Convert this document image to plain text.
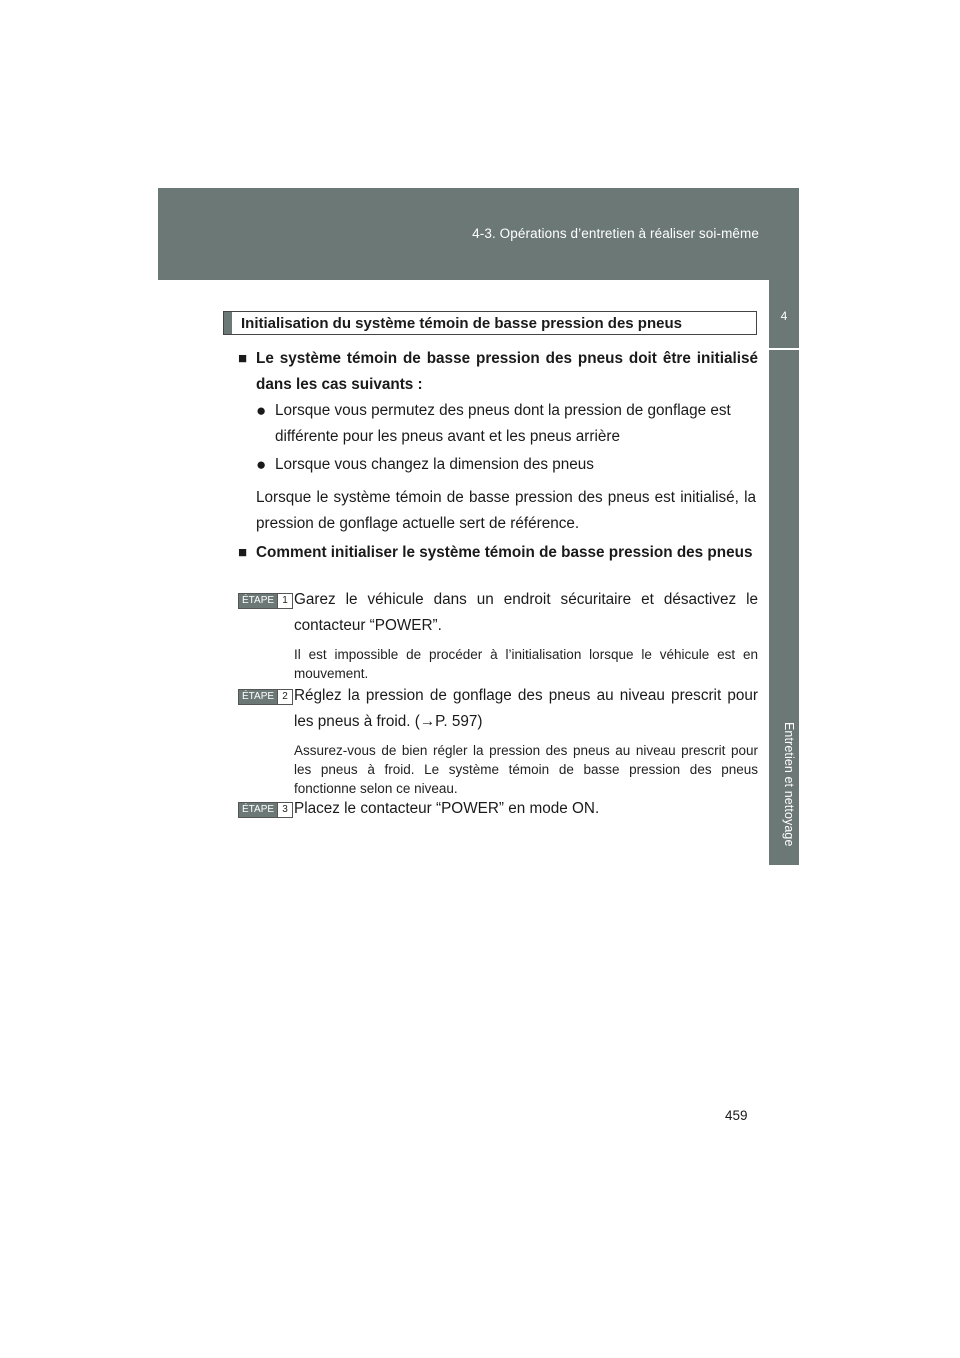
4-3. Opérations d’entretien à réaliser soi-même
4
Entretien et nettoyage
Initialisation du système témoin de basse pression des pneus
■ Le système témoin de basse pression des pneus doit être initialisé dans les cas suivants :
● Lorsque vous permutez des pneus dont la pression de gonflage est différente pour les pneus avant et les pneus arrière
● Lorsque vous changez la dimension des pneus
Lorsque le système témoin de basse pression des pneus est initialisé, la pression de gonflage actuelle sert de référence.
■ Comment initialiser le système témoin de basse pression des pneus
ÉTAPE 1 Garez le véhicule dans un endroit sécuritaire et désactivez le contacteur “POWER”.
Il est impossible de procéder à l’initialisation lorsque le véhicule est en mouvement.
ÉTAPE 2 Réglez la pression de gonflage des pneus au niveau prescrit pour les pneus à froid. (→P. 597)
Assurez-vous de bien régler la pression des pneus au niveau prescrit pour les pneus à froid. Le système témoin de basse pression des pneus fonctionne selon ce niveau.
ÉTAPE 3 Placez le contacteur “POWER” en mode ON.
459
